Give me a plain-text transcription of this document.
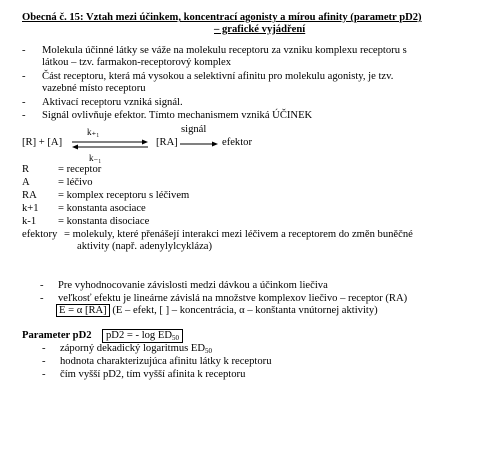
Obecná č. 15: Vztah mezi účinkem, koncentrací agonisty a mírou afinity (parametr pD2)
– grafické vyjádření
- Molekula účinné látky se váže na molekulu receptoru za vzniku komplexu receptoru s
látkou – tzv. farmakon-receptorový komplex
- Část receptoru, která má vysokou a selektivní afinitu pro molekulu agonisty, je tzv.
vazebné místo receptoru
- Aktivací receptoru vzniká signál.
- Signál ovlivňuje efektor. Tímto mechanismem vzniká ÚČINEK
[R] + [A]
k₊₁
k₋₁
[RA]
signál
efektor
R	= receptor
A	= léčivo
RA = komplex receptoru s léčivem
k+1 = konstanta asociace
k-1 = konstanta disociace
efektory = molekuly, které přenášejí interakci mezi léčivem a receptorem do změn buněčné
aktivity (např. adenylylcykláza)
- Pre vyhodnocovanie závislosti medzi dávkou a účinkom liečiva
- veľkosť efektu je lineárne závislá na množstve komplexov liečivo – receptor (RA)
E = α [RA] (E – efekt, [ ] – koncentrácia, α – konštanta vnútornej aktivity)
Parameter pD2	pD2 = - $\log ED_{50}$
- záporný dekadický logaritmus $ED_{50}$
- hodnota charakterizujúca afinitu látky k receptoru
- čím vyšší pD2, tím vyšší afinita k receptoru
